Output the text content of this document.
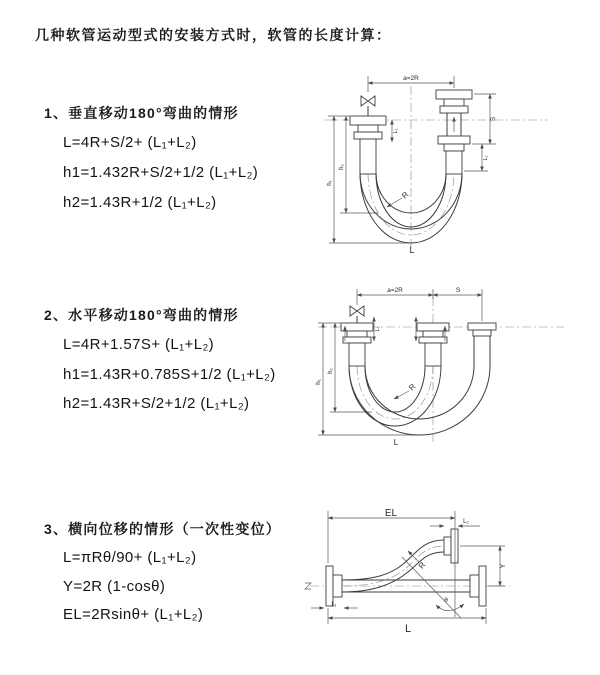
几种软管运动型式的安装方式时，软管的长度计算：
1、垂直移动180°弯曲的情形
L=4R+S/2+ (L₁+L₂)
h1=1.432R+S/2+1/2 (L₁+L₂)
h2=1.43R+1/2 (L₁+L₂)
2、水平移动180°弯曲的情形
L=4R+1.57S+ (L₁+L₂)
h1=1.43R+0.785S+1/2 (L₁+L₂)
h2=1.43R+S/2+1/2 (L₁+L₂)
3、横向位移的情形（一次性变位）
L=πRθ/90+ (L₁+L₂)
Y=2R (1-cosθ)
EL=2Rsinθ+ (L₁+L₂)
a=2R
L₁
S
L₁
h₂
h₁
R
L
a=2R	S
L₁
h₂
h₁
R
L
EL
L₂
Y
R
θ
L₁
L
